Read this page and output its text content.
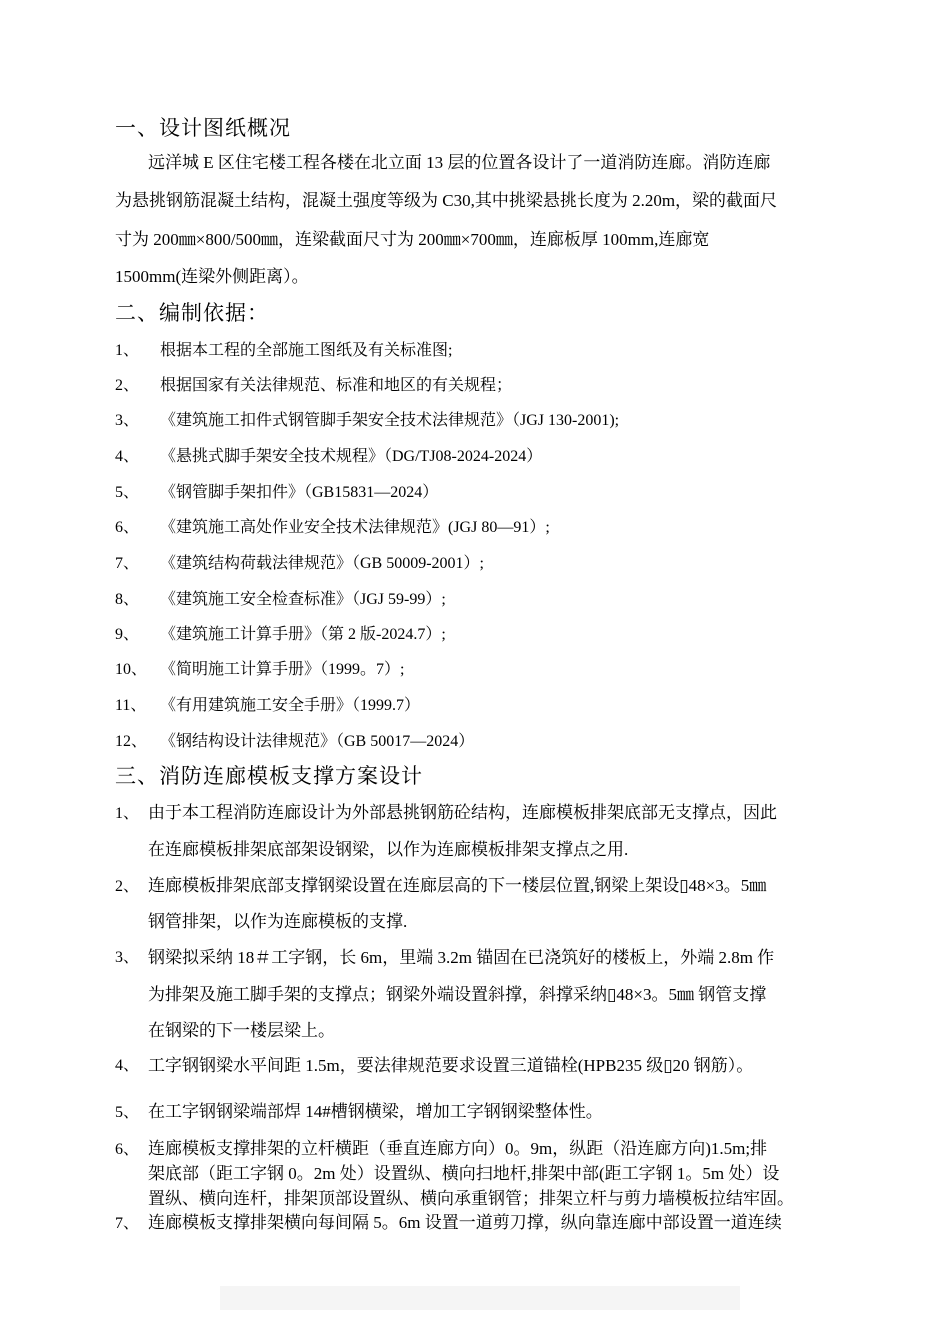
一、设计图纸概况
远洋城 E 区住宅楼工程各楼在北立面 13 层的位置各设计了一道消防连廊。消防连廊
为悬挑钢筋混凝土结构，混凝土强度等级为 C30,其中挑梁悬挑长度为 2.20m，梁的截面尺
寸为 200㎜×800/500㎜，连梁截面尺寸为 200㎜×700㎜，连廊板厚 100mm,连廊宽
1500mm(连梁外侧距离）。
二、编制依据：
1、 根据本工程的全部施工图纸及有关标准图;
2、 根据国家有关法律规范、标准和地区的有关规程；
3、 《建筑施工扣件式钢管脚手架安全技术法律规范》（JGJ 130-2001);
4、 《悬挑式脚手架安全技术规程》（DG/TJ08-2024-2024）
5、 《钢管脚手架扣件》（GB15831—2024）
6、 《建筑施工高处作业安全技术法律规范》(JGJ 80—91）;
7、 《建筑结构荷载法律规范》（GB 50009-2001）;
8、 《建筑施工安全检查标准》（JGJ 59-99）;
9、 《建筑施工计算手册》（第 2 版-2024.7）;
10、 《简明施工计算手册》（1999。7）;
11、 《有用建筑施工安全手册》（1999.7）
12、 《钢结构设计法律规范》（GB 50017—2024）
三、消防连廊模板支撑方案设计
1、 由于本工程消防连廊设计为外部悬挑钢筋砼结构，连廊模板排架底部无支撑点，因此
在连廊模板排架底部架设钢梁，以作为连廊模板排架支撑点之用.
2、 连廊模板排架底部支撑钢梁设置在连廊层高的下一楼层位置,钢梁上架设▯48×3。5㎜
钢管排架，以作为连廊模板的支撑.
3、 钢梁拟采纳 18＃工字钢，长 6m，里端 3.2m 锚固在已浇筑好的楼板上，外端 2.8m 作
为排架及施工脚手架的支撑点；钢梁外端设置斜撑，斜撑采纳▯48×3。5㎜ 钢管支撑
在钢梁的下一楼层梁上。
4、 工字钢钢梁水平间距 1.5m，要法律规范要求设置三道锚栓(HPB235 级▯20 钢筋）。
5、 在工字钢钢梁端部焊 14#槽钢横梁，增加工字钢钢梁整体性。
6、 连廊模板支撑排架的立杆横距（垂直连廊方向）0。9m，纵距（沿连廊方向)1.5m;排
架底部（距工字钢 0。2m 处）设置纵、横向扫地杆,排架中部(距工字钢 1。5m 处）设
置纵、横向连杆，排架顶部设置纵、横向承重钢管；排架立杆与剪力墙模板拉结牢固。
7、 连廊模板支撑排架横向每间隔 5。6m 设置一道剪刀撑，纵向靠连廊中部设置一道连续
